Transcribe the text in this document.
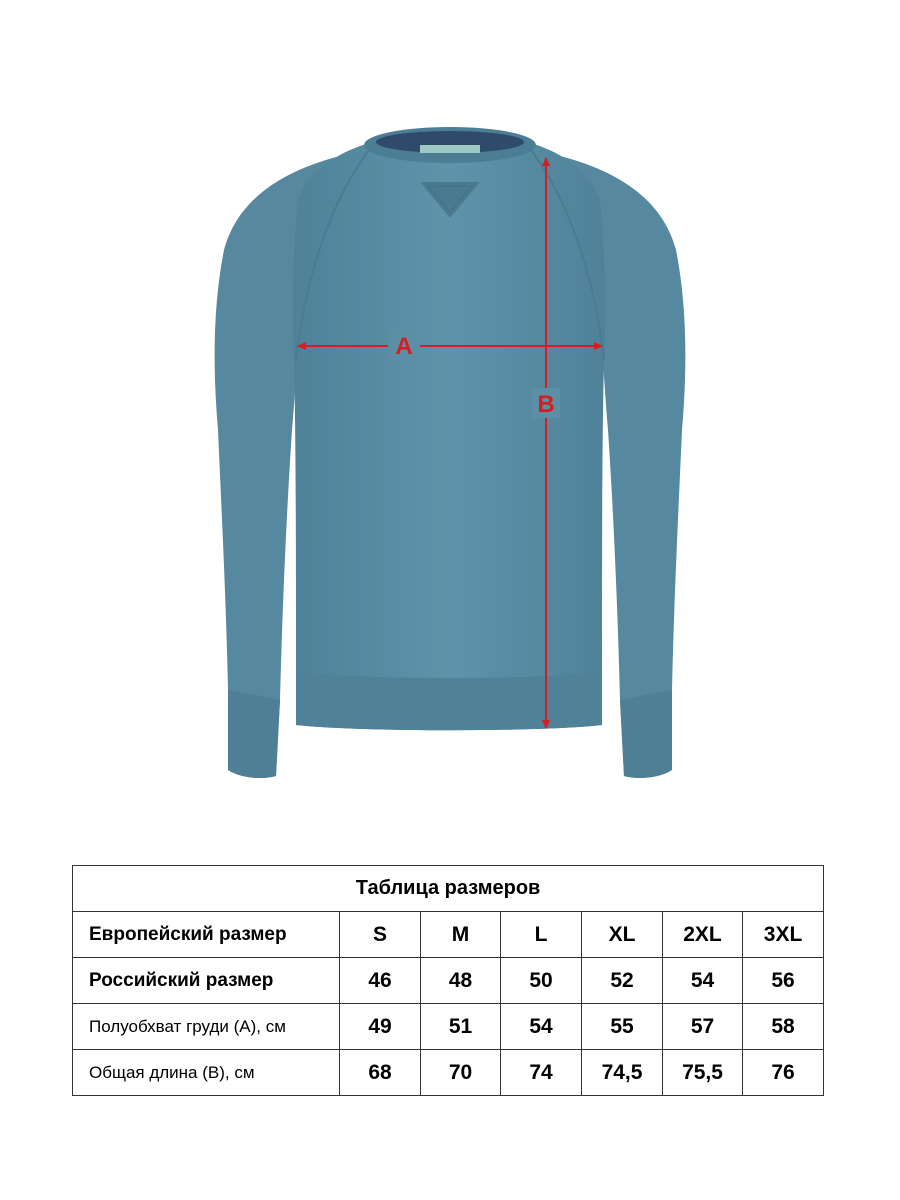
A
B
Таблица размеров						
Европейский размер	S	M	L	XL	2XL	3XL
Российский размер	46	48	50	52	54	56
Полуобхват груди (A), см	49	51	54	55	57	58
Общая длина (B), см	68	70	74	74,5	75,5	76
